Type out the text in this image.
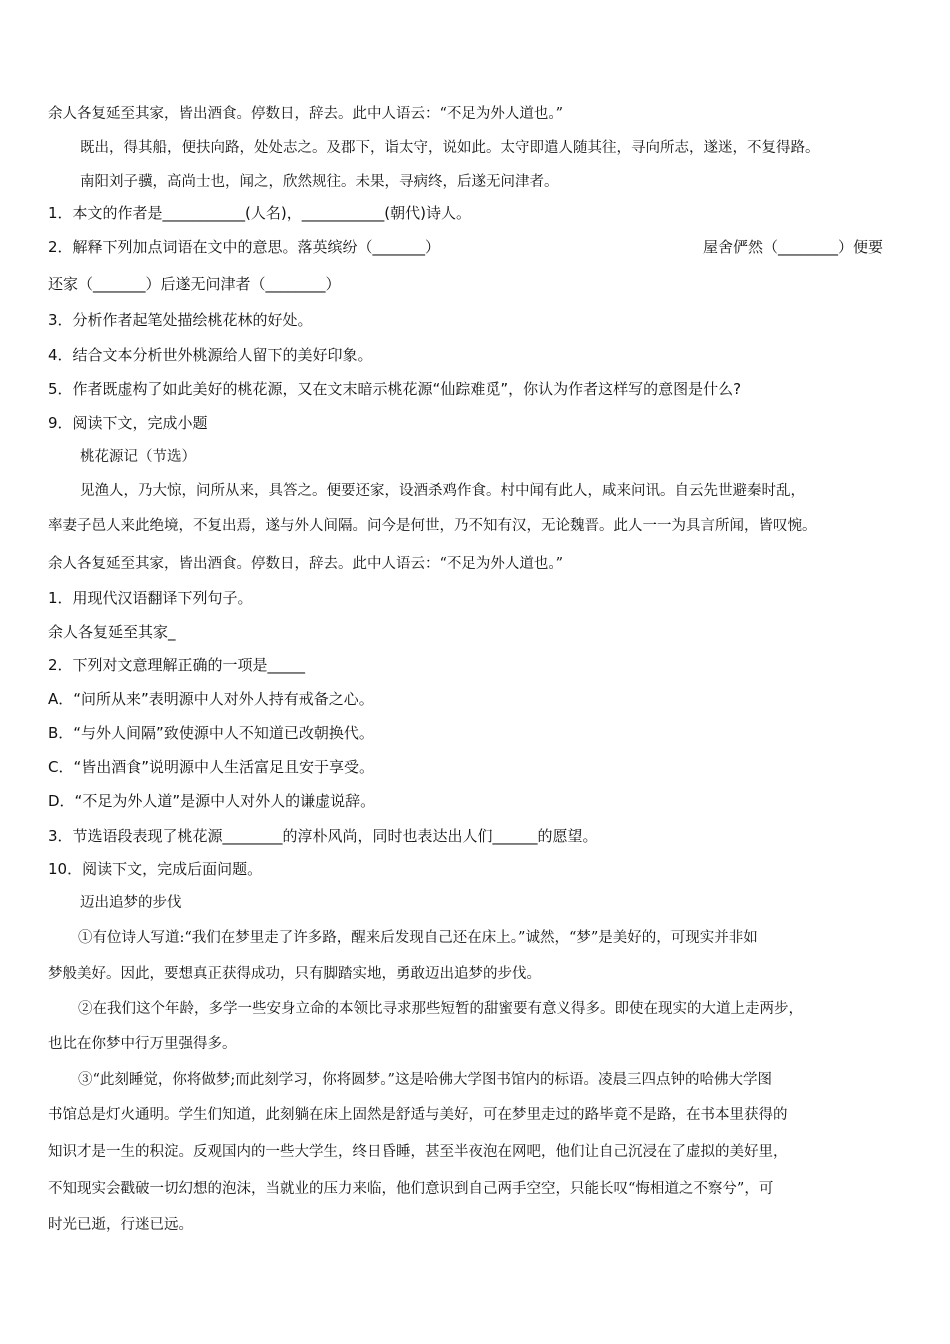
余人各复延至其家，皆出酒食。停数日，辞去。此中人语云：“不足为外人道也。”
既出，得其船，便扶向路，处处志之。及郡下，诣太守，说如此。太守即遣人随其往，寻向所志，遂迷，不复得路。
南阳刘子骥，高尚士也，闻之，欣然规往。未果，寻病终，后遂无问津者。
1．本文的作者是___________(人名)，___________(朝代)诗人。
2．解释下列加点词语在文中的意思。落英缤纷（_______）	屋舍俨然（________）便要
还家（_______）后遂无问津者（________）
3．分析作者起笔处描绘桃花林的好处。
4．结合文本分析世外桃源给人留下的美好印象。
5．作者既虚构了如此美好的桃花源，又在文末暗示桃花源“仙踪难觅”，你认为作者这样写的意图是什么?
9．阅读下文，完成小题
桃花源记（节选）
见渔人，乃大惊，问所从来，具答之。便要还家，设酒杀鸡作食。村中闻有此人，咸来问讯。自云先世避秦时乱，
率妻子邑人来此绝境，不复出焉，遂与外人间隔。问今是何世，乃不知有汉，无论魏晋。此人一一为具言所闻，皆叹惋。
余人各复延至其家，皆出酒食。停数日，辞去。此中人语云：“不足为外人道也。”
1．用现代汉语翻译下列句子。
余人各复延至其家_
2．下列对文意理解正确的一项是_____
A．“问所从来”表明源中人对外人持有戒备之心。
B．“与外人间隔”致使源中人不知道已改朝换代。
C．“皆出酒食”说明源中人生活富足且安于享受。
D．“不足为外人道”是源中人对外人的谦虚说辞。
3．节选语段表现了桃花源________的淳朴风尚，同时也表达出人们______的愿望。
10．阅读下文，完成后面问题。
迈出追梦的步伐
①有位诗人写道:“我们在梦里走了许多路，醒来后发现自己还在床上。”诚然，“梦”是美好的，可现实并非如
梦般美好。因此，要想真正获得成功，只有脚踏实地，勇敢迈出追梦的步伐。
②在我们这个年龄，多学一些安身立命的本领比寻求那些短暂的甜蜜要有意义得多。即使在现实的大道上走两步，
也比在你梦中行万里强得多。
③“此刻睡觉，你将做梦;而此刻学习，你将圆梦。”这是哈佛大学图书馆内的标语。凌晨三四点钟的哈佛大学图
书馆总是灯火通明。学生们知道，此刻躺在床上固然是舒适与美好，可在梦里走过的路毕竟不是路，在书本里获得的
知识才是一生的积淀。反观国内的一些大学生，终日昏睡，甚至半夜泡在网吧，他们让自己沉浸在了虚拟的美好里，
不知现实会戳破一切幻想的泡沫，当就业的压力来临，他们意识到自己两手空空，只能长叹“悔相道之不察兮”，可
时光已逝，行迷已远。
